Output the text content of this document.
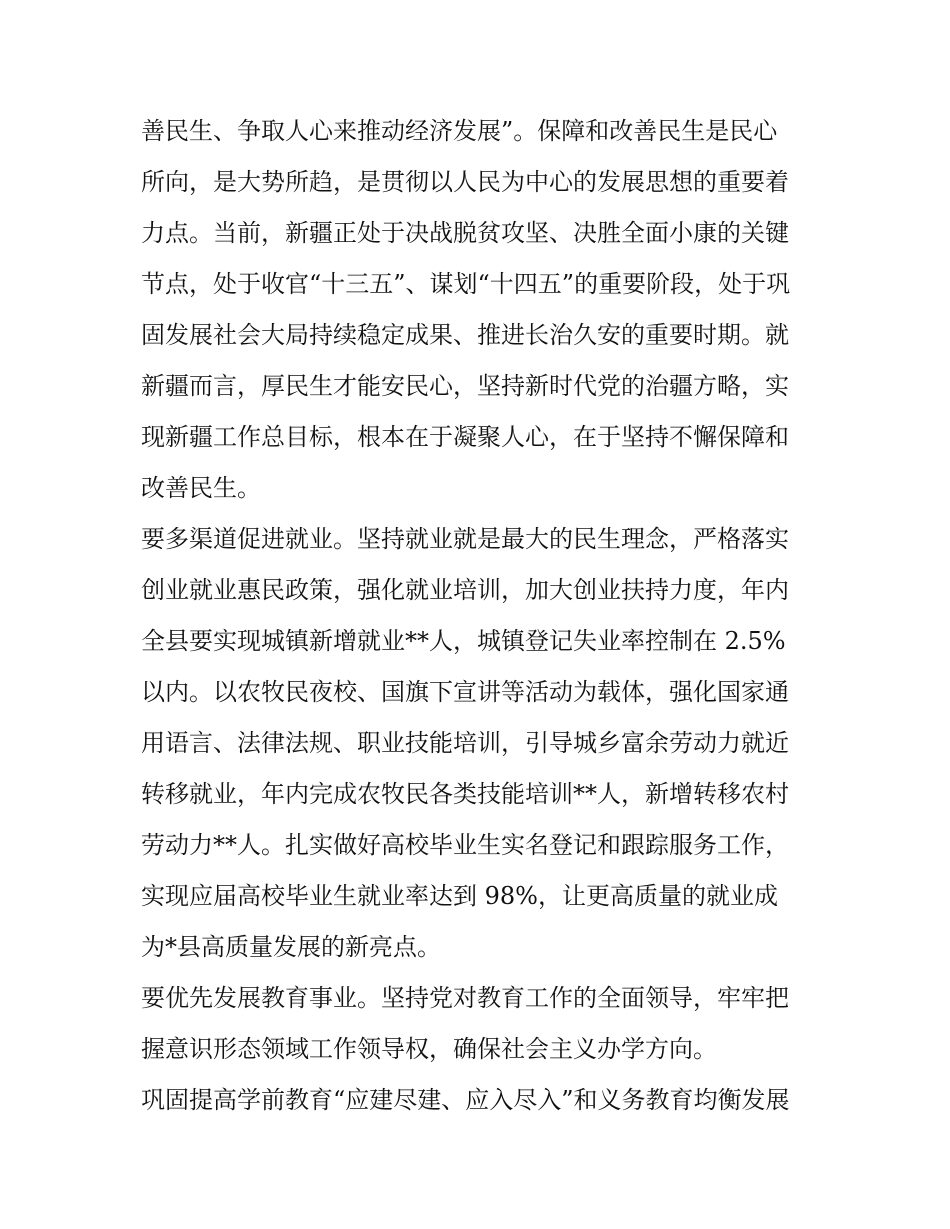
善民生、争取人心来推动经济发展”。保障和改善民生是民心
所向，是大势所趋，是贯彻以人民为中心的发展思想的重要着
力点。当前，新疆正处于决战脱贫攻坚、决胜全面小康的关键
节点，处于收官“十三五”、谋划“十四五”的重要阶段，处于巩
固发展社会大局持续稳定成果、推进长治久安的重要时期。就
新疆而言，厚民生才能安民心，坚持新时代党的治疆方略，实
现新疆工作总目标，根本在于凝聚人心，在于坚持不懈保障和
改善民生。
要多渠道促进就业。坚持就业就是最大的民生理念，严格落实
创业就业惠民政策，强化就业培训，加大创业扶持力度，年内
全县要实现城镇新增就业**人，城镇登记失业率控制在 2.5%
以内。以农牧民夜校、国旗下宣讲等活动为载体，强化国家通
用语言、法律法规、职业技能培训，引导城乡富余劳动力就近
转移就业，年内完成农牧民各类技能培训**人，新增转移农村
劳动力**人。扎实做好高校毕业生实名登记和跟踪服务工作，
实现应届高校毕业生就业率达到 98%，让更高质量的就业成
为*县高质量发展的新亮点。
要优先发展教育事业。坚持党对教育工作的全面领导，牢牢把
握意识形态领域工作领导权，确保社会主义办学方向。
巩固提高学前教育“应建尽建、应入尽入”和义务教育均衡发展
